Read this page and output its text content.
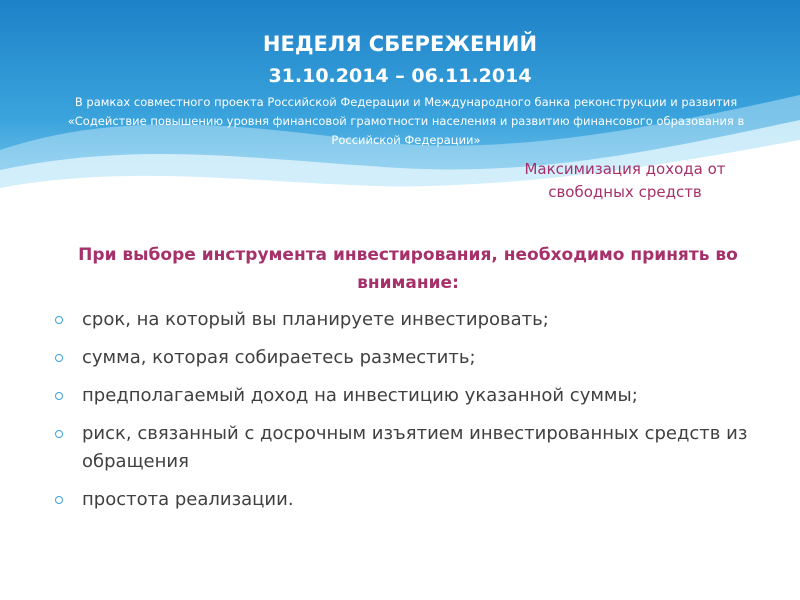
НЕДЕЛЯ СБЕРЕЖЕНИЙ
31.10.2014 – 06.11.2014
В рамках совместного проекта Российской Федерации и Международного банка реконструкции и развития «Содействие повышению уровня финансовой грамотности населения и развитию финансового образования в Российской Федерации»
Максимизация дохода от свободных средств
При выборе инструмента инвестирования, необходимо принять во внимание:
срок, на который вы планируете инвестировать;
сумма, которая собираетесь разместить;
предполагаемый доход на инвестицию указанной суммы;
риск, связанный с досрочным изъятием инвестированных средств из обращения
простота реализации.
